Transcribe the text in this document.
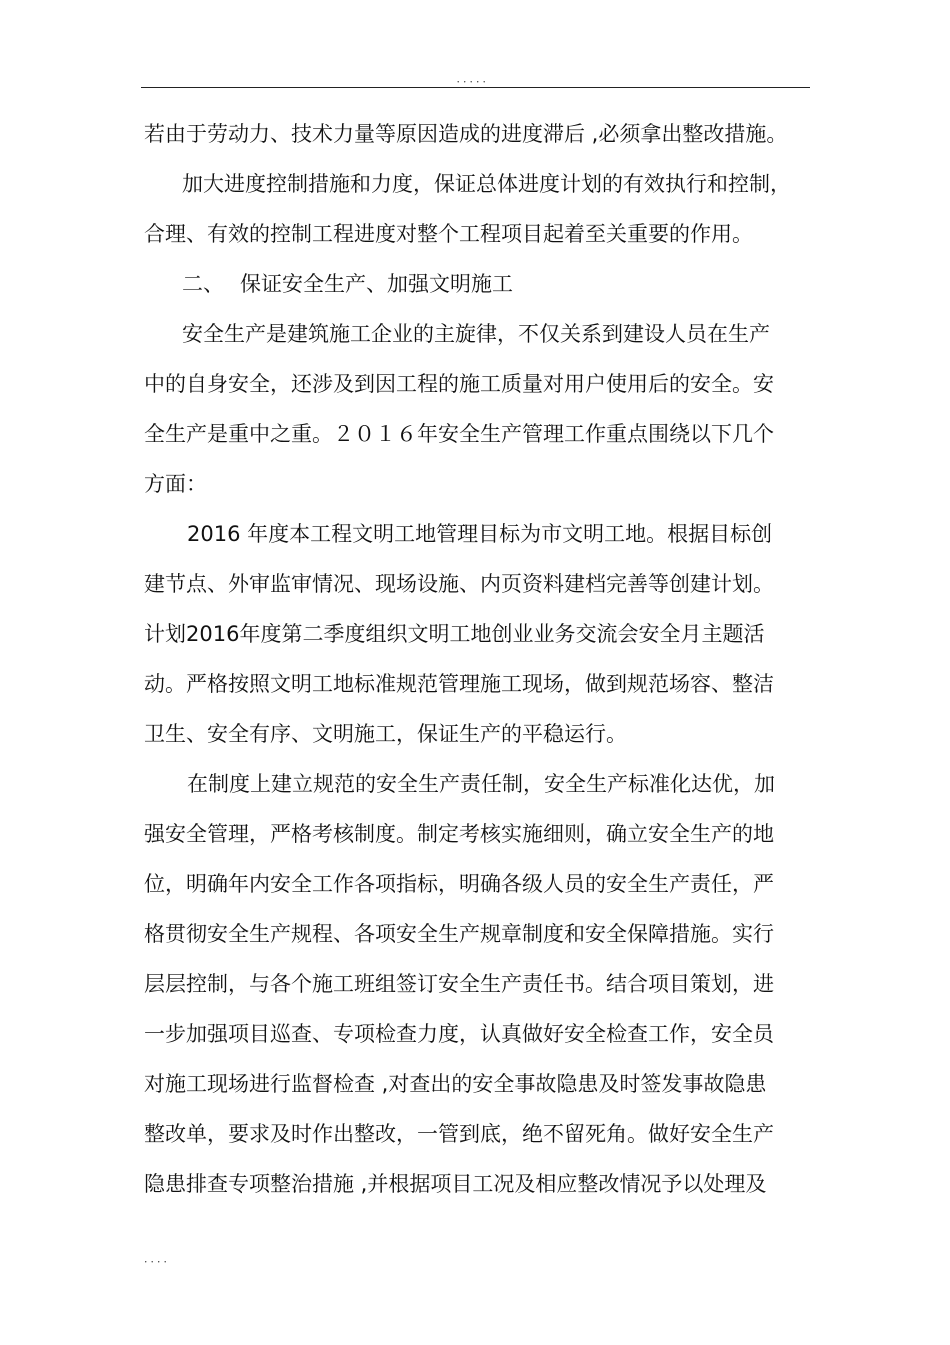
．．．．．
若由于劳动力、技术力量等原因造成的进度滞后 ,必须拿出整改措施。
加大进度控制措施和力度，保证总体进度计划的有效执行和控制，
合理、有效的控制工程进度对整个工程项目起着至关重要的作用。
二、 保证安全生产、加强文明施工
安全生产是建筑施工企业的主旋律，不仅关系到建设人员在生产
中的自身安全，还涉及到因工程的施工质量对用户使用后的安全。安
全生产是重中之重。２０１６年安全生产管理工作重点围绕以下几个
方面：
2016 年度本工程文明工地管理目标为市文明工地。根据目标创
建节点、外审监审情况、现场设施、内页资料建档完善等创建计划。
计划2016年度第二季度组织文明工地创业业务交流会安全月主题活
动。严格按照文明工地标准规范管理施工现场，做到规范场容、整洁
卫生、安全有序、文明施工，保证生产的平稳运行。
在制度上建立规范的安全生产责任制，安全生产标准化达优，加
强安全管理，严格考核制度。制定考核实施细则，确立安全生产的地
位，明确年内安全工作各项指标，明确各级人员的安全生产责任，严
格贯彻安全生产规程、各项安全生产规章制度和安全保障措施。实行
层层控制，与各个施工班组签订安全生产责任书。结合项目策划，进
一步加强项目巡查、专项检查力度，认真做好安全检查工作，安全员
对施工现场进行监督检查 ,对查出的安全事故隐患及时签发事故隐患
整改单，要求及时作出整改，一管到底，绝不留死角。做好安全生产
隐患排查专项整治措施 ,并根据项目工况及相应整改情况予以处理及
．．．．
